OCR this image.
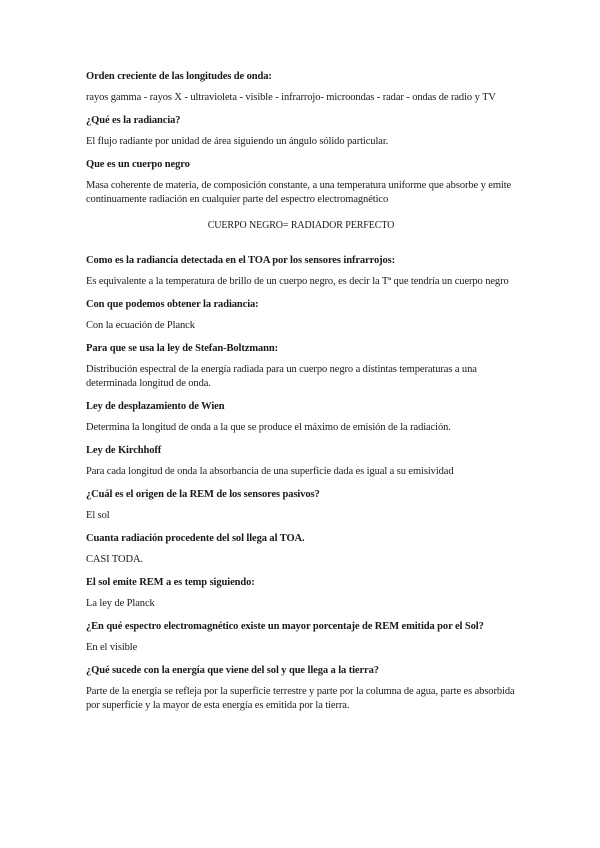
Orden creciente de las longitudes de onda:

rayos gamma - rayos X - ultravioleta - visible - infrarrojo- microondas - radar - ondas de radio y TV

¿Qué es la radiancia?

El flujo radiante por unidad de área siguiendo un ángulo sólido particular.

Que es un cuerpo negro

Masa coherente de materia, de composición constante, a una temperatura uniforme que absorbe y emite continuamente radiación en cualquier parte del espectro electromagnético

CUERPO NEGRO= RADIADOR PERFECTO

Como es la radiancia detectada en el TOA por los sensores infrarrojos:

Es equivalente a la temperatura de brillo de un cuerpo negro, es decir la Tª que tendría un cuerpo negro

Con que podemos obtener la radiancia:

Con la ecuación de Planck

Para que se usa la ley de Stefan-Boltzmann:

Distribución espectral de la energía radiada para un cuerpo negro a distintas temperaturas a una determinada longitud de onda.

Ley de desplazamiento de Wien

Determina la longitud de onda a la que se produce el máximo de emisión de la radiación.

Ley de Kirchhoff

Para cada longitud de onda la absorbancia de una superficie dada es igual a su emisividad

¿Cuál es el origen de la REM de los sensores pasivos?

El sol

Cuanta radiación procedente del sol llega al TOA.

CASI TODA.

El sol emite REM a es temp siguiendo:

La ley de Planck

¿En qué espectro electromagnético existe un mayor porcentaje de REM emitida por el Sol?

En el visible

¿Qué sucede con la energía que viene del sol y que llega a la tierra?

Parte de la energía se refleja por la superficie terrestre y parte por la columna de agua, parte es absorbida por superficie y la mayor de esta energía es emitida por la tierra.
